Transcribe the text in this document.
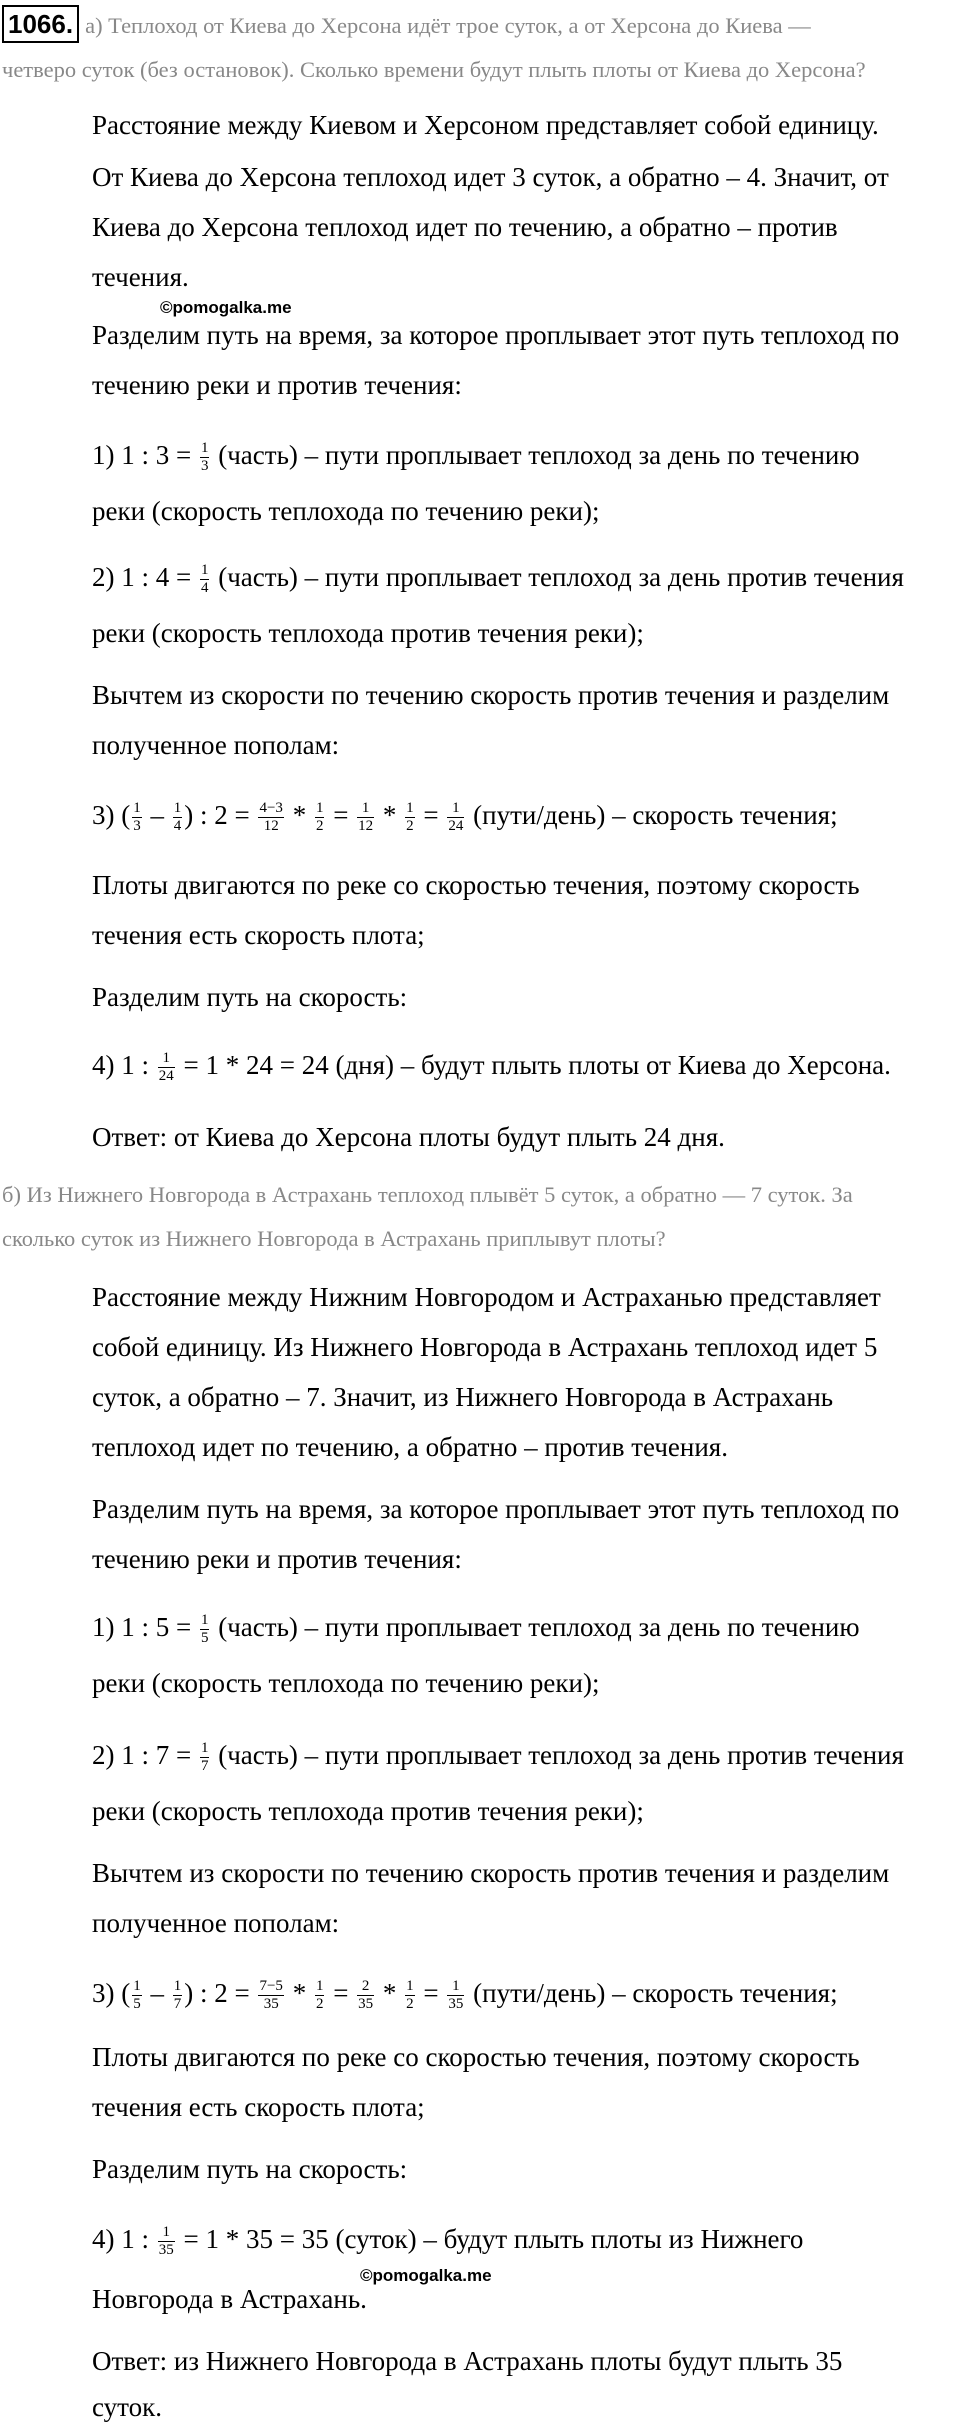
1066. а) Теплоход от Киева до Херсона идёт трое суток, а от Херсона до Киева —
четверо суток (без остановок). Сколько времени будут плыть плоты от Киева до Херсона?
Расстояние между Киевом и Херсоном представляет собой единицу.
От Киева до Херсона теплоход идет 3 суток, а обратно – 4. Значит, от
Киева до Херсона теплоход идет по течению, а обратно – против
течения.
©pomogalka.me
Разделим путь на время, за которое проплывает этот путь теплоход по
течению реки и против течения:
1) 1 : $3 = \frac{1}{3}$ (часть) – пути проплывает теплоход за день по течению
реки (скорость теплохода по течению реки);
2) 1 : $4 = \frac{1}{4}$ (часть) – пути проплывает теплоход за день против течения
реки (скорость теплохода против течения реки);
Вычтем из скорости по течению скорость против течения и разделим
полученное пополам:
3) ( $\frac{1}{3} - \frac{1}{4}$ ) : $2 = \frac{4-3}{12} * \frac{1}{2} = \frac{1}{12} * \frac{1}{2} = \frac{1}{24}$ (пути/день) – скорость течения;
Плоты двигаются по реке со скоростью течения, поэтому скорость
течения есть скорость плота;
Разделим путь на скорость:
4) 1 : $\frac{1}{24} = 1 * 24 = 24$ (дня) – будут плыть плоты от Киева до Херсона.
Ответ: от Киева до Херсона плоты будут плыть 24 дня.
б) Из Нижнего Новгорода в Астрахань теплоход плывёт 5 суток, а обратно — 7 суток. За
сколько суток из Нижнего Новгорода в Астрахань приплывут плоты?
Расстояние между Нижним Новгородом и Астраханью представляет
собой единицу. Из Нижнего Новгорода в Астрахань теплоход идет 5
суток, а обратно – 7. Значит, из Нижнего Новгорода в Астрахань
теплоход идет по течению, а обратно – против течения.
Разделим путь на время, за которое проплывает этот путь теплоход по
течению реки и против течения:
1) 1 : $5 = \frac{1}{5}$ (часть) – пути проплывает теплоход за день по течению
реки (скорость теплохода по течению реки);
2) 1 : $7 = \frac{1}{7}$ (часть) – пути проплывает теплоход за день против течения
реки (скорость теплохода против течения реки);
Вычтем из скорости по течению скорость против течения и разделим
полученное пополам:
3) ( $\frac{1}{5} - \frac{1}{7}$ ) : $2 = \frac{7-5}{35} * \frac{1}{2} = \frac{2}{35} * \frac{1}{2} = \frac{1}{35}$ (пути/день) – скорость течения;
Плоты двигаются по реке со скоростью течения, поэтому скорость
течения есть скорость плота;
Разделим путь на скорость:
4) 1 : $\frac{1}{35} = 1 * 35 = 35$ (суток) – будут плыть плоты из Нижнего
©pomogalka.me
Новгорода в Астрахань.
Ответ: из Нижнего Новгорода в Астрахань плоты будут плыть 35
суток.
